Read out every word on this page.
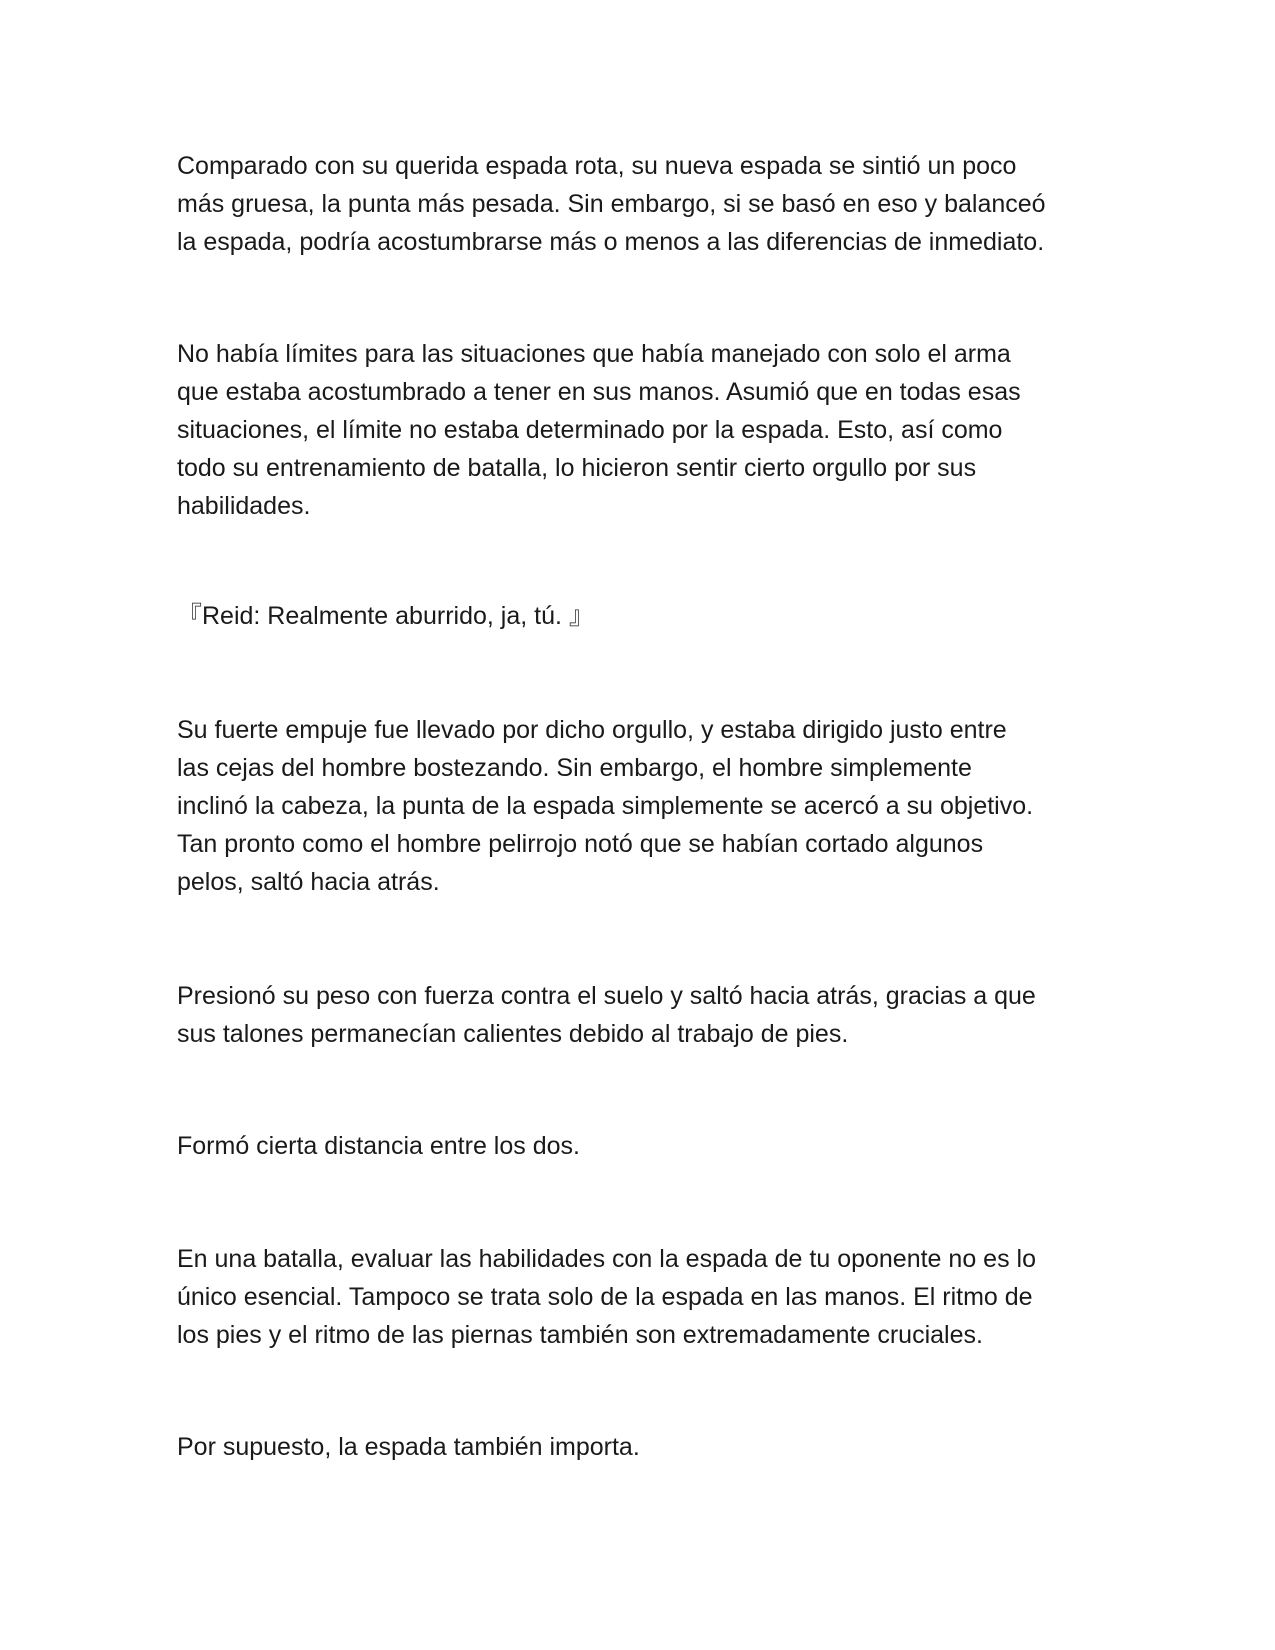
Comparado con su querida espada rota, su nueva espada se sintió un poco
más gruesa, la punta más pesada. Sin embargo, si se basó en eso y balanceó
la espada, podría acostumbrarse más o menos a las diferencias de inmediato.

No había límites para las situaciones que había manejado con solo el arma
que estaba acostumbrado a tener en sus manos. Asumió que en todas esas
situaciones, el límite no estaba determinado por la espada. Esto, así como
todo su entrenamiento de batalla, lo hicieron sentir cierto orgullo por sus
habilidades.

『Reid: Realmente aburrido, ja, tú. 』

Su fuerte empuje fue llevado por dicho orgullo, y estaba dirigido justo entre
las cejas del hombre bostezando. Sin embargo, el hombre simplemente
inclinó la cabeza, la punta de la espada simplemente se acercó a su objetivo.
Tan pronto como el hombre pelirrojo notó que se habían cortado algunos
pelos, saltó hacia atrás.

Presionó su peso con fuerza contra el suelo y saltó hacia atrás, gracias a que
sus talones permanecían calientes debido al trabajo de pies.

Formó cierta distancia entre los dos.

En una batalla, evaluar las habilidades con la espada de tu oponente no es lo
único esencial. Tampoco se trata solo de la espada en las manos. El ritmo de
los pies y el ritmo de las piernas también son extremadamente cruciales.

Por supuesto, la espada también importa.
